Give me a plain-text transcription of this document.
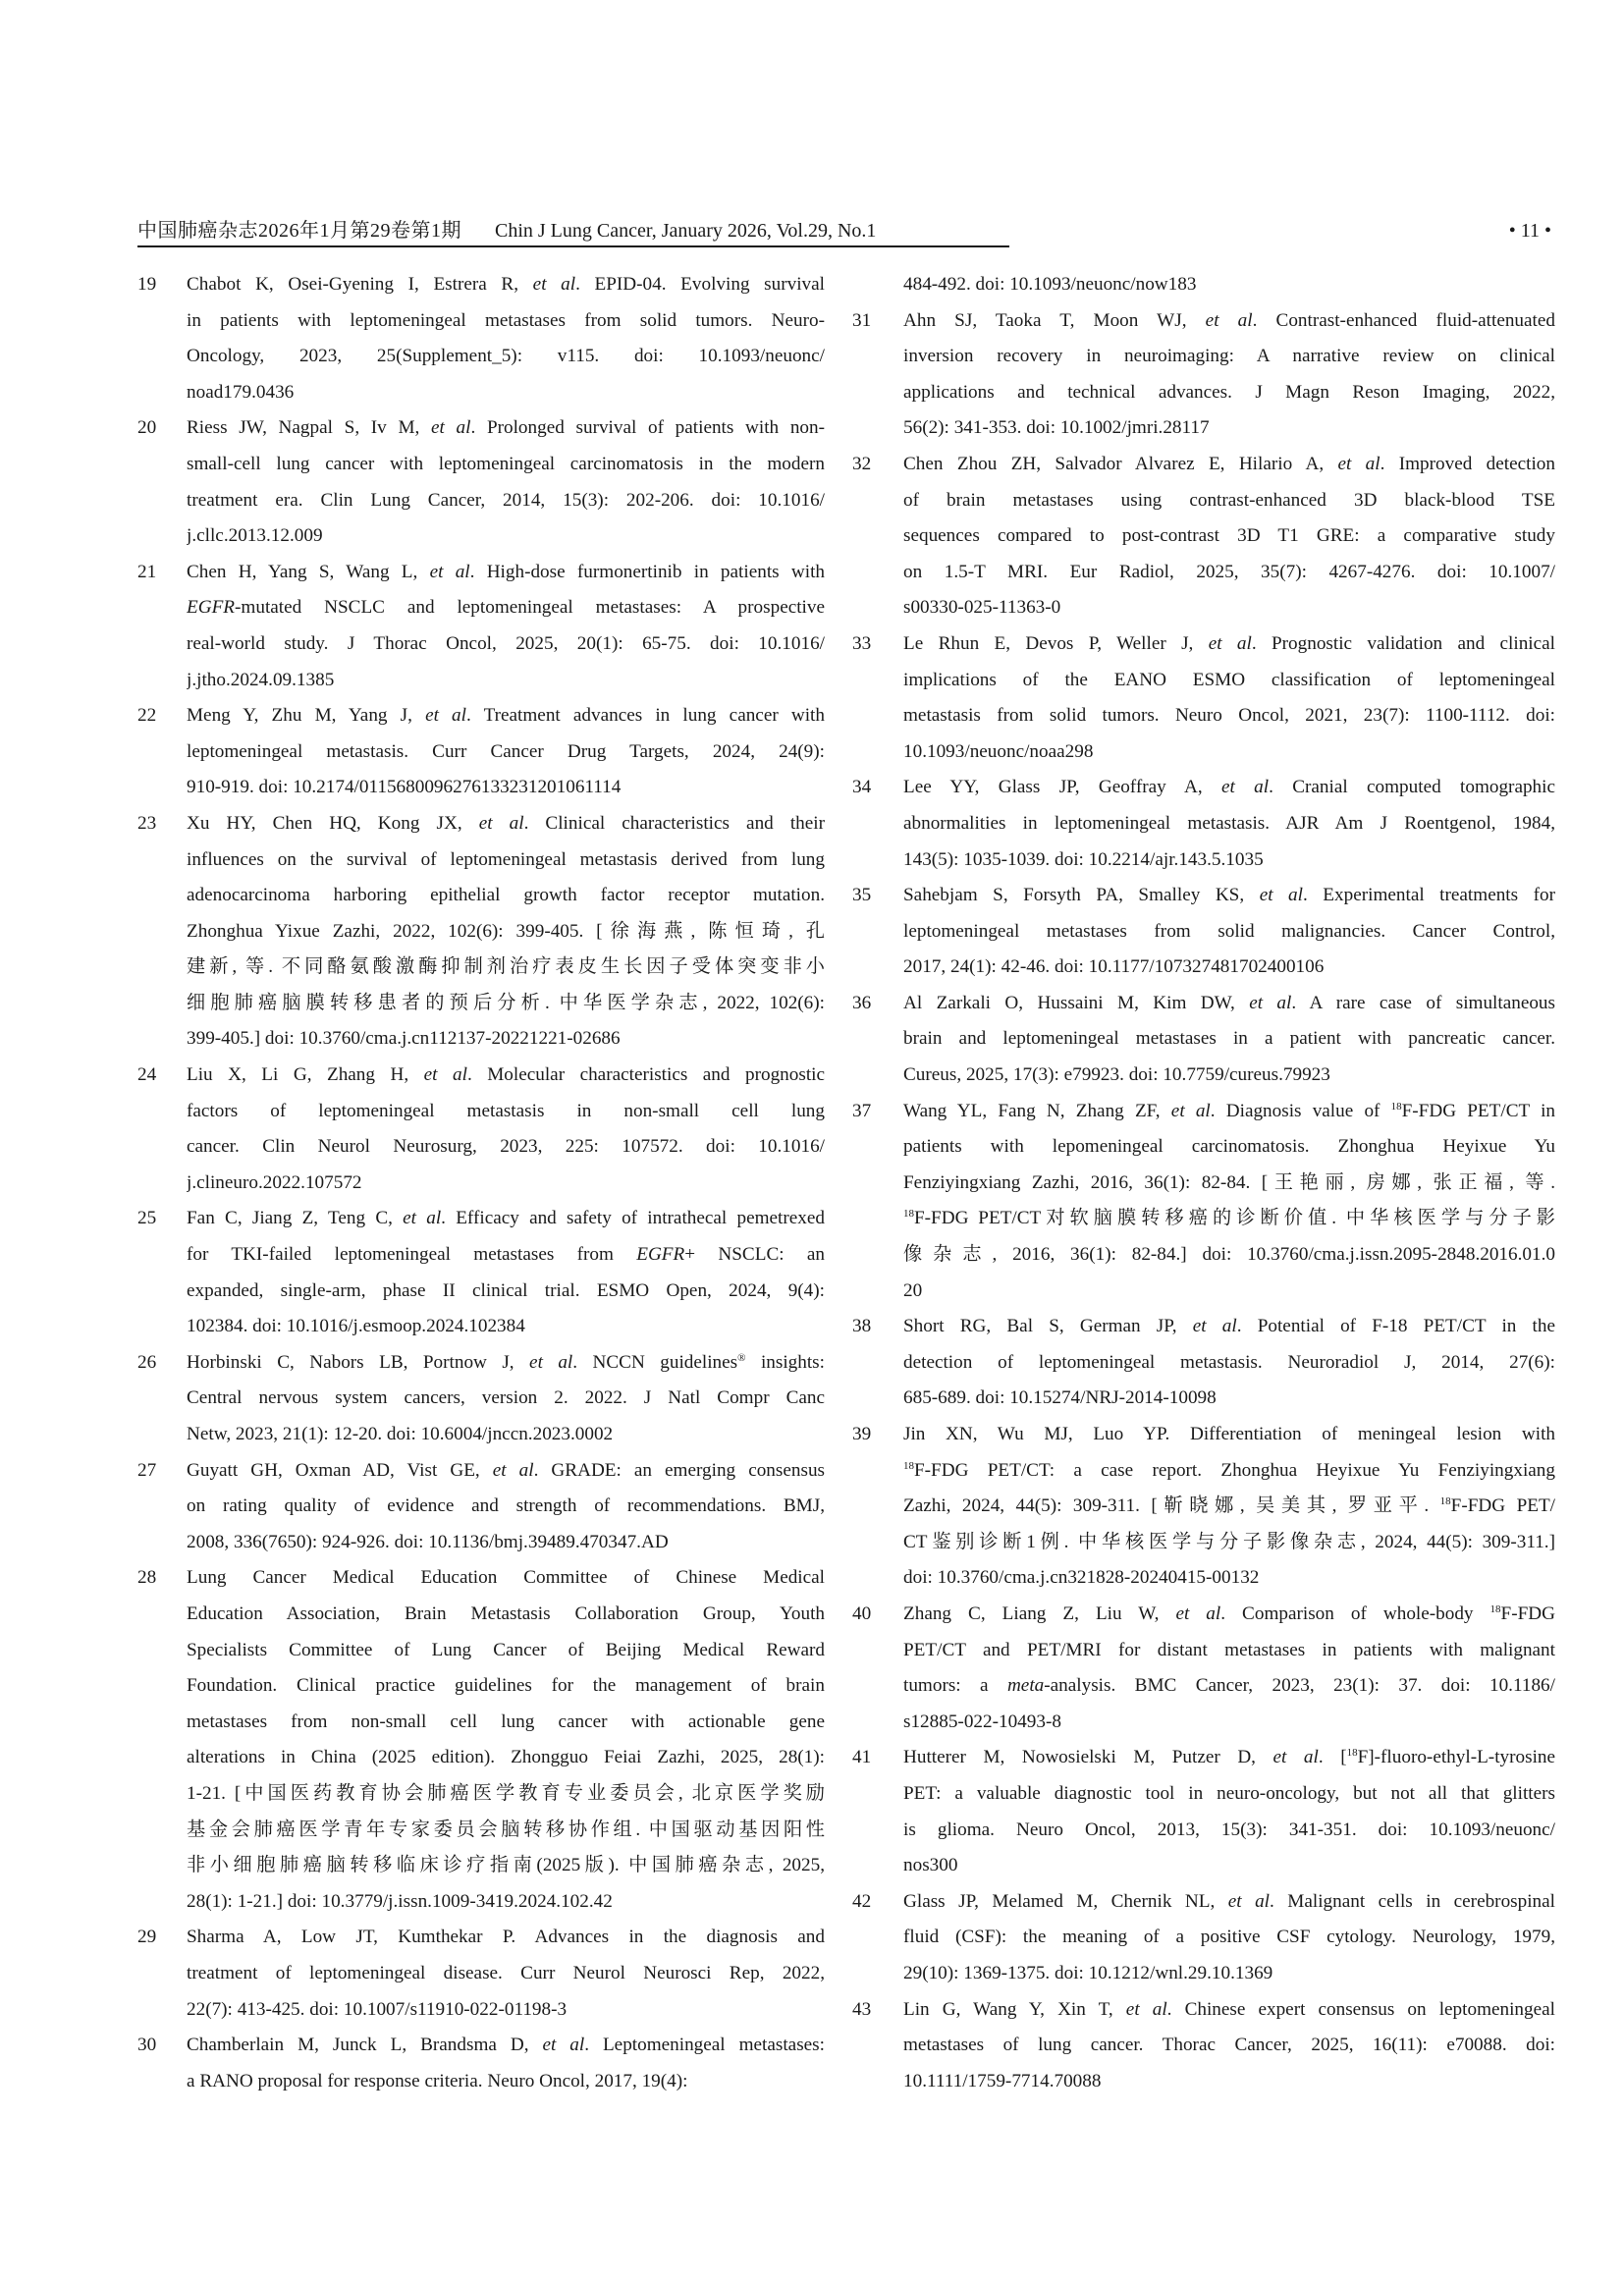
中国肺癌杂志2026年1月第29卷第1期 Chin J Lung Cancer, January 2026, Vol.29, No.1	• 11 •
19	Chabot K, Osei-Gyening I, Estrera R, et al. EPID-04. Evolving survival
in patients with leptomeningeal metastases from solid tumors. Neuro-
Oncology, 2023, 25(Supplement_5): v115. doi: 10.1093/neuonc/
noad179.0436
20	Riess JW, Nagpal S, Iv M, et al. Prolonged survival of patients with non-
small-cell lung cancer with leptomeningeal carcinomatosis in the modern
treatment era. Clin Lung Cancer, 2014, 15(3): 202-206. doi: 10.1016/
j.cllc.2013.12.009
21	Chen H, Yang S, Wang L, et al. High-dose furmonertinib in patients with
EGFR-mutated NSCLC and leptomeningeal metastases: A prospective
real-world study. J Thorac Oncol, 2025, 20(1): 65-75. doi: 10.1016/
j.jtho.2024.09.1385
22	Meng Y, Zhu M, Yang J, et al. Treatment advances in lung cancer with
leptomeningeal metastasis. Curr Cancer Drug Targets, 2024, 24(9):
910-919. doi: 10.2174/0115680096276133231201061114
23	Xu HY, Chen HQ, Kong JX, et al. Clinical characteristics and their
influences on the survival of leptomeningeal metastasis derived from lung
adenocarcinoma harboring epithelial growth factor receptor mutation.
Zhonghua Yixue Zazhi, 2022, 102(6): 399-405. [徐海燕, 陈恒琦, 孔
建新, 等. 不同酪氨酸激酶抑制剂治疗表皮生长因子受体突变非小
细胞肺癌脑膜转移患者的预后分析. 中华医学杂志, 2022, 102(6):
399-405.] doi: 10.3760/cma.j.cn112137-20221221-02686
24	Liu X, Li G, Zhang H, et al. Molecular characteristics and prognostic
factors of leptomeningeal metastasis in non-small cell lung
cancer. Clin Neurol Neurosurg, 2023, 225: 107572. doi: 10.1016/
j.clineuro.2022.107572
25	Fan C, Jiang Z, Teng C, et al. Efficacy and safety of intrathecal pemetrexed
for TKI-failed leptomeningeal metastases from EGFR+ NSCLC: an
expanded, single-arm, phase II clinical trial. ESMO Open, 2024, 9(4):
102384. doi: 10.1016/j.esmoop.2024.102384
26	Horbinski C, Nabors LB, Portnow J, et al. NCCN guidelines® insights:
Central nervous system cancers, version 2. 2022. J Natl Compr Canc
Netw, 2023, 21(1): 12-20. doi: 10.6004/jnccn.2023.0002
27	Guyatt GH, Oxman AD, Vist GE, et al. GRADE: an emerging consensus
on rating quality of evidence and strength of recommendations. BMJ,
2008, 336(7650): 924-926. doi: 10.1136/bmj.39489.470347.AD
28	Lung Cancer Medical Education Committee of Chinese Medical
Education Association, Brain Metastasis Collaboration Group, Youth
Specialists Committee of Lung Cancer of Beijing Medical Reward
Foundation. Clinical practice guidelines for the management of brain
metastases from non-small cell lung cancer with actionable gene
alterations in China (2025 edition). Zhongguo Feiai Zazhi, 2025, 28(1):
1-21. [中国医药教育协会肺癌医学教育专业委员会, 北京医学奖励
基金会肺癌医学青年专家委员会脑转移协作组. 中国驱动基因阳性
非小细胞肺癌脑转移临床诊疗指南(2025版). 中国肺癌杂志, 2025,
28(1): 1-21.] doi: 10.3779/j.issn.1009-3419.2024.102.42
29	Sharma A, Low JT, Kumthekar P. Advances in the diagnosis and
treatment of leptomeningeal disease. Curr Neurol Neurosci Rep, 2022,
22(7): 413-425. doi: 10.1007/s11910-022-01198-3
30	Chamberlain M, Junck L, Brandsma D, et al. Leptomeningeal metastases:
a RANO proposal for response criteria. Neuro Oncol, 2017, 19(4):
484-492. doi: 10.1093/neuonc/now183
31	Ahn SJ, Taoka T, Moon WJ, et al. Contrast-enhanced fluid-attenuated
inversion recovery in neuroimaging: A narrative review on clinical
applications and technical advances. J Magn Reson Imaging, 2022,
56(2): 341-353. doi: 10.1002/jmri.28117
32	Chen Zhou ZH, Salvador Alvarez E, Hilario A, et al. Improved detection
of brain metastases using contrast-enhanced 3D black-blood TSE
sequences compared to post-contrast 3D T1 GRE: a comparative study
on 1.5-T MRI. Eur Radiol, 2025, 35(7): 4267-4276. doi: 10.1007/
s00330-025-11363-0
33	Le Rhun E, Devos P, Weller J, et al. Prognostic validation and clinical
implications of the EANO ESMO classification of leptomeningeal
metastasis from solid tumors. Neuro Oncol, 2021, 23(7): 1100-1112. doi:
10.1093/neuonc/noaa298
34	Lee YY, Glass JP, Geoffray A, et al. Cranial computed tomographic
abnormalities in leptomeningeal metastasis. AJR Am J Roentgenol, 1984,
143(5): 1035-1039. doi: 10.2214/ajr.143.5.1035
35	Sahebjam S, Forsyth PA, Smalley KS, et al. Experimental treatments for
leptomeningeal metastases from solid malignancies. Cancer Control,
2017, 24(1): 42-46. doi: 10.1177/107327481702400106
36	Al Zarkali O, Hussaini M, Kim DW, et al. A rare case of simultaneous
brain and leptomeningeal metastases in a patient with pancreatic cancer.
Cureus, 2025, 17(3): e79923. doi: 10.7759/cureus.79923
37	Wang YL, Fang N, Zhang ZF, et al. Diagnosis value of $^{18}$F-FDG PET/CT in
patients with lepomeningeal carcinomatosis. Zhonghua Heyixue Yu
Fenziyingxiang Zazhi, 2016, 36(1): 82-84. [王艳丽, 房娜, 张正福, 等.
$^{18}$F-FDG PET/CT对软脑膜转移癌的诊断价值. 中华核医学与分子影
像杂志, 2016, 36(1): 82-84.] doi: 10.3760/cma.j.issn.2095-2848.2016.01.0
20
38	Short RG, Bal S, German JP, et al. Potential of F-18 PET/CT in the
detection of leptomeningeal metastasis. Neuroradiol J, 2014, 27(6):
685-689. doi: 10.15274/NRJ-2014-10098
39	Jin XN, Wu MJ, Luo YP. Differentiation of meningeal lesion with
$^{18}$F-FDG PET/CT: a case report. Zhonghua Heyixue Yu Fenziyingxiang
Zazhi, 2024, 44(5): 309-311. [靳晓娜, 吴美其, 罗亚平. $^{18}$F-FDG PET/
CT鉴别诊断1例. 中华核医学与分子影像杂志, 2024, 44(5): 309-311.]
doi: 10.3760/cma.j.cn321828-20240415-00132
40	Zhang C, Liang Z, Liu W, et al. Comparison of whole-body $^{18}$F-FDG
PET/CT and PET/MRI for distant metastases in patients with malignant
tumors: a meta-analysis. BMC Cancer, 2023, 23(1): 37. doi: 10.1186/
s12885-022-10493-8
41	Hutterer M, Nowosielski M, Putzer D, et al. [$^{18}$F]-fluoro-ethyl-L-tyrosine
PET: a valuable diagnostic tool in neuro-oncology, but not all that glitters
is glioma. Neuro Oncol, 2013, 15(3): 341-351. doi: 10.1093/neuonc/
nos300
42	Glass JP, Melamed M, Chernik NL, et al. Malignant cells in cerebrospinal
fluid (CSF): the meaning of a positive CSF cytology. Neurology, 1979,
29(10): 1369-1375. doi: 10.1212/wnl.29.10.1369
43	Lin G, Wang Y, Xin T, et al. Chinese expert consensus on leptomeningeal
metastases of lung cancer. Thorac Cancer, 2025, 16(11): e70088. doi:
10.1111/1759-7714.70088
